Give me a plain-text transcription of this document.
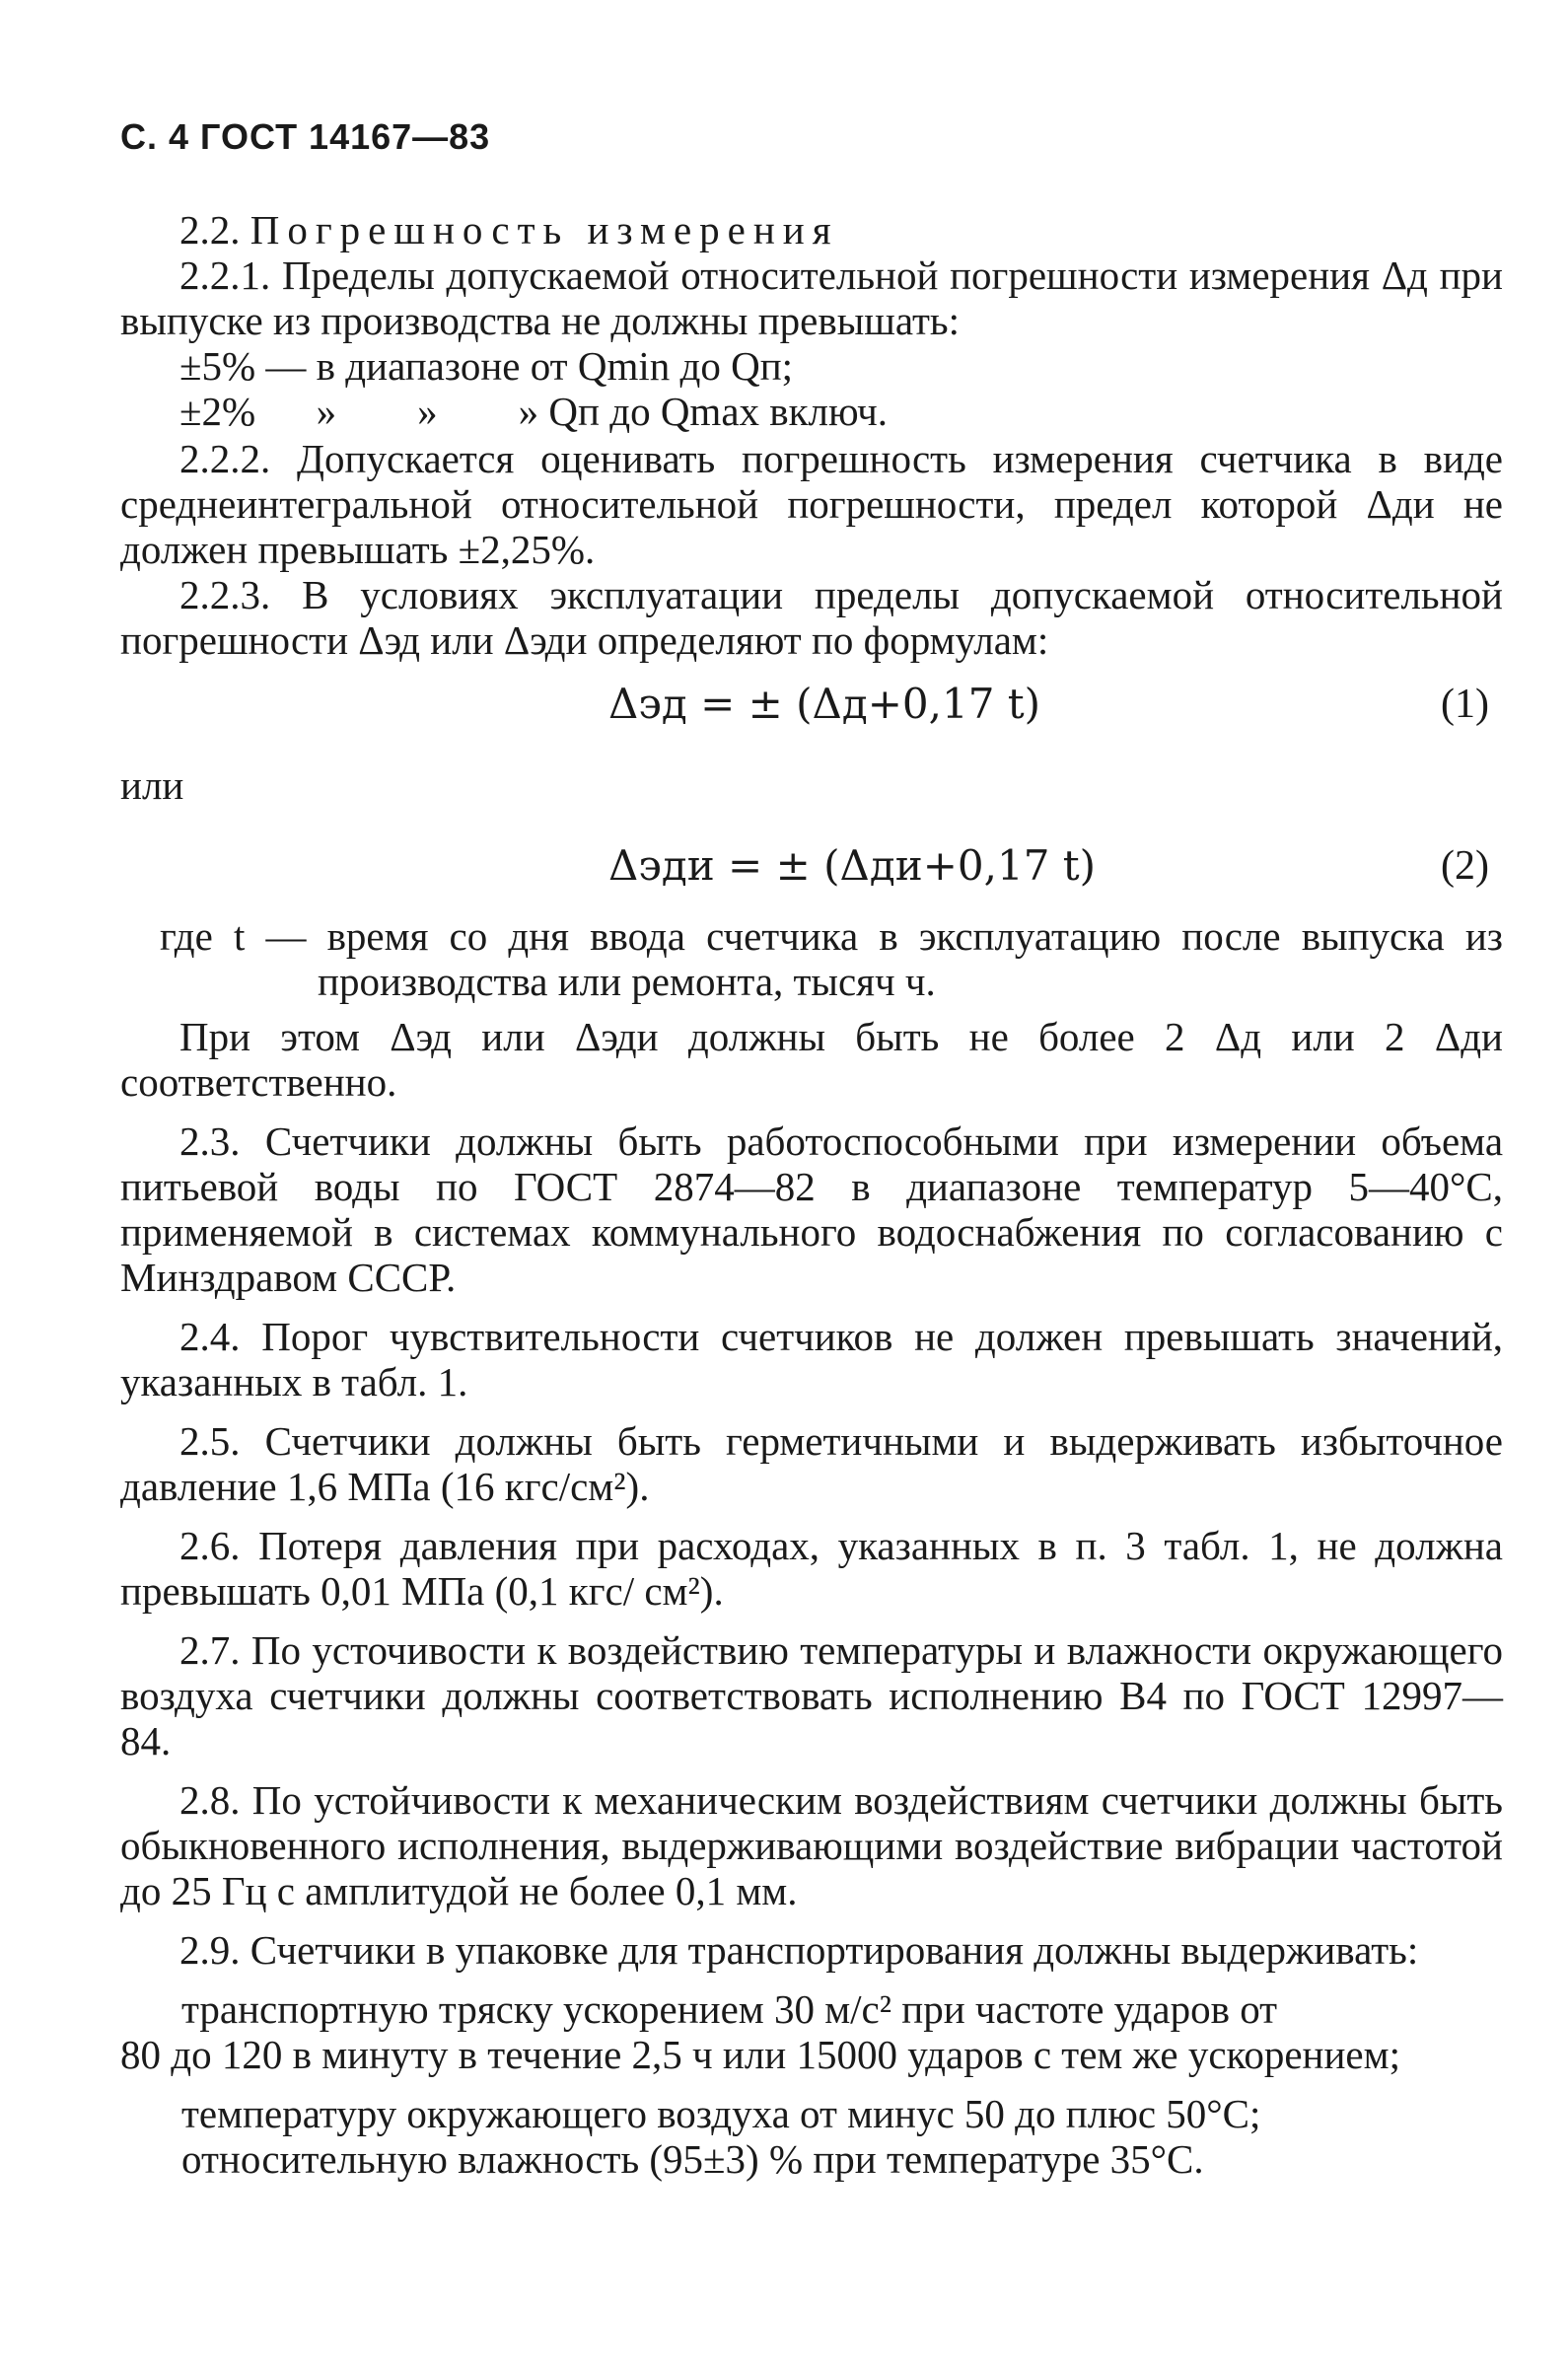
С. 4 ГОСТ 14167—83

2.2. Погрешность измерения

2.2.1. Пределы допускаемой относительной погрешности измерения Δд при выпуске из производства не должны превышать:

±5% — в диапазоне от Qmin до Qп;

±2%      »        »        » Qп до Qmax включ.

2.2.2. Допускается оценивать погрешность измерения счетчика в виде среднеинтегральной относительной погрешности, предел которой Δди не должен превышать ±2,25%.

2.2.3. В условиях эксплуатации пределы допускаемой относительной погрешности Δэд или Δэди определяют по формулам:

Δэд = ± (Δд+0,17 t)	(1)
или
Δэди = ± (Δди+0,17 t)	(2)

где t — время со дня ввода счетчика в эксплуатацию после выпуска из производства или ремонта, тысяч ч.

При этом Δэд или Δэди должны быть не более 2 Δд или 2 Δди соответственно.

2.3. Счетчики должны быть работоспособными при измерении объема питьевой воды по ГОСТ 2874—82 в диапазоне температур 5—40°С, применяемой в системах коммунального водоснабжения по согласованию с Минздравом СССР.

2.4. Порог чувствительности счетчиков не должен превышать значений, указанных в табл. 1.

2.5. Счетчики должны быть герметичными и выдерживать избыточное давление 1,6 МПа (16 кгс/см²).

2.6. Потеря давления при расходах, указанных в п. 3 табл. 1, не должна превышать 0,01 МПа (0,1 кгс/ см²).

2.7. По усточивости к воздействию температуры и влажности окружающего воздуха счетчики должны соответствовать исполнению В4 по ГОСТ 12997—84.

2.8. По устойчивости к механическим воздействиям счетчики должны быть обыкновенного исполнения, выдерживающими воздействие вибрации частотой до 25 Гц с амплитудой не более 0,1 мм.

2.9. Счетчики в упаковке для транспортирования должны выдерживать:

транспортную тряску ускорением 30 м/с² при частоте ударов от

80 до 120 в минуту в течение 2,5 ч или 15000 ударов с тем же ускорением;

температуру окружающего воздуха от минус 50 до плюс 50°С;

относительную влажность (95±3) % при температуре 35°С.
